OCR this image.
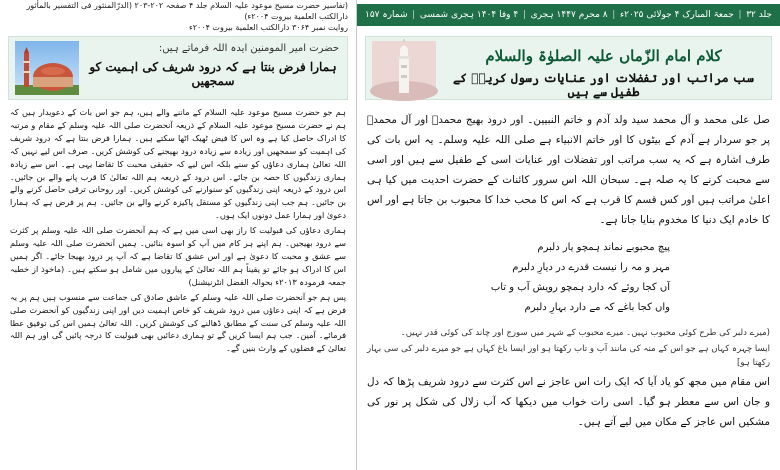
(تفاسیر حضرت مسیح موعود علیہ السلام جلد ۴ صفحہ ۲۰۲-۲۰۳ (الدرّالمنثور فی التفسیر بالمأثور دارالکتب العلمیة بیروت ۲۰۰۴ء)
روایت نمبر ۳۰۶۴ دارالکتب العلمیة بیروت ۲۰۰۴ء
حضرت امیر المومنین ایدہ اللہ فرماتے ہیں:
ہمارا فرض بنتا ہے کہ درود شریف کی اہمیت کو سمجھیں

ہم جو حضرت مسیح موعود علیہ السلام کے ماننے والے ہیں، ہم جو اس بات کے دعویدار ہیں کہ ہم نے حضرت مسیح موعود علیہ السلام کے ذریعہ آنحضرت صلی اللہ علیہ وسلم کے مقام و مرتبہ کا ادراک حاصل کیا ہے وہ اس کا فیض ٹھیک اٹھا سکتے ہیں۔ ہمارا فرض بنتا ہے کہ درود شریف کی اہمیت کو سمجھیں اور زیادہ سے زیادہ درود بھیجنے کی کوشش کریں۔ صرف اس لیے نہیں کہ اللہ تعالیٰ ہماری دعاؤں کو سنے بلکہ اس لیے کہ حقیقی محبت کا تقاضا یہی ہے۔ اس سے زیادہ ہماری زندگیوں کا حصہ بن جائے۔ اس درود کے ذریعہ ہم اللہ تعالیٰ کا قرب پانے والے بن جائیں۔ اس درود کے ذریعہ اپنی زندگیوں کو سنوارنے کی کوشش کریں۔ اور روحانی ترقی حاصل کرنے والے بن جائیں۔ ہم جب اپنی زندگیوں کو مستقل پاکیزہ کرنے والے بن جائیں۔ ہم پر فرض ہے کہ ہمارا دعویٰ اور ہمارا عمل دونوں ایک ہوں۔

ہماری دعاؤں کی قبولیت کا راز بھی اسی میں ہے کہ ہم آنحضرت صلی اللہ علیہ وسلم پر کثرت سے درود بھیجیں۔ ہم اپنے ہر کام میں آپ کو اسوہ بنائیں۔ ہمیں آنحضرت صلی اللہ علیہ وسلم سے عشق و محبت کا دعویٰ ہے اور اس عشق کا تقاضا ہے کہ آپ پر درود بھیجا جائے۔ اگر ہمیں اس کا ادراک ہو جائے تو یقیناً ہم اللہ تعالیٰ کے پیاروں میں شامل ہو سکتے ہیں۔ (ماخوذ از خطبہ جمعہ فرمودہ ۲۰۱۳ء بحوالہ الفضل انٹرنیشنل)

پس ہم جو آنحضرت صلی اللہ علیہ وسلم کے عاشق صادق کی جماعت سے منسوب ہیں ہم پر یہ فرض ہے کہ اپنی دعاؤں میں درود شریف کو خاص اہمیت دیں اور اپنی زندگیوں کو آنحضرت صلی اللہ علیہ وسلم کی سنت کے مطابق ڈھالنے کی کوشش کریں۔ اللہ تعالیٰ ہمیں اس کی توفیق عطا فرمائے۔ آمین۔ جب ہم ایسا کریں گے تو ہماری دعائیں بھی قبولیت کا درجہ پائیں گی اور ہم اللہ تعالیٰ کے فضلوں کے وارث بنیں گے۔

جلد ۳۲
|
جمعۃ المبارک ۴ جولائی ۲۰۲۵ء
|
۸ محرم ۱۴۴۷ ہجری
|
۴ وفا ۱۴۰۴ ہجری شمسی
|
شمارہ ۱۵۷
کلام امام الزّماں علیہ الصلوٰۃ والسلام
سب مراتب اور تفضلات اور عنایات رسول کریمؐ کے طفیل سے ہیں

صل علی محمد و آل محمد سید ولد آدم و خاتم النبیین۔ اور درود بھیج محمدؐ اور آل محمدؐ پر جو سردار ہے آدم کے بیٹوں کا اور خاتم الانبیاء ہے صلی اللہ علیہ وسلم۔ یہ اس بات کی طرف اشارہ ہے کہ یہ سب مراتب اور تفضلات اور عنایات اسی کے طفیل سے ہیں اور اسی سے محبت کرنے کا یہ صلہ ہے۔ سبحان اللہ اس سرور کائنات کے حضرت احدیت میں کیا ہی اعلیٰ مراتب ہیں اور کس قسم کا قرب ہے کہ اس کا محب خدا کا محبوب بن جاتا ہے اور اس کا خادم ایک دنیا کا مخدوم بنایا جاتا ہے۔

پیچ محبوبے نماند ہمچو یار دلبرم
مہر و مہ را نیست قدرے در دیارِ دلبرم
آں کجا روئے کہ دارد ہمچو رویش آب و تاب
واں کجا باغے کہ مے دارد بہارِ دلبرم

(میرے دلبر کی طرح کوئی محبوب نہیں۔ میرے محبوب کے شہر میں سورج اور چاند کی کوئی قدر نہیں۔

ایسا چہرہ کہاں ہے جو اس کے منہ کی مانند آب و تاب رکھتا ہو اور ایسا باغ کہاں ہے جو میرے دلبر کی سی بہار رکھتا ہو]

اس مقام میں مجھ کو یاد آیا کہ ایک رات اس عاجز نے اس کثرت سے درود شریف پڑھا کہ دل و جان اس سے معطر ہو گیا۔ اسی رات خواب میں دیکھا کہ آب زلال کی شکل پر نور کی مشکیں اس عاجز کے مکان میں لیے آتے ہیں۔
